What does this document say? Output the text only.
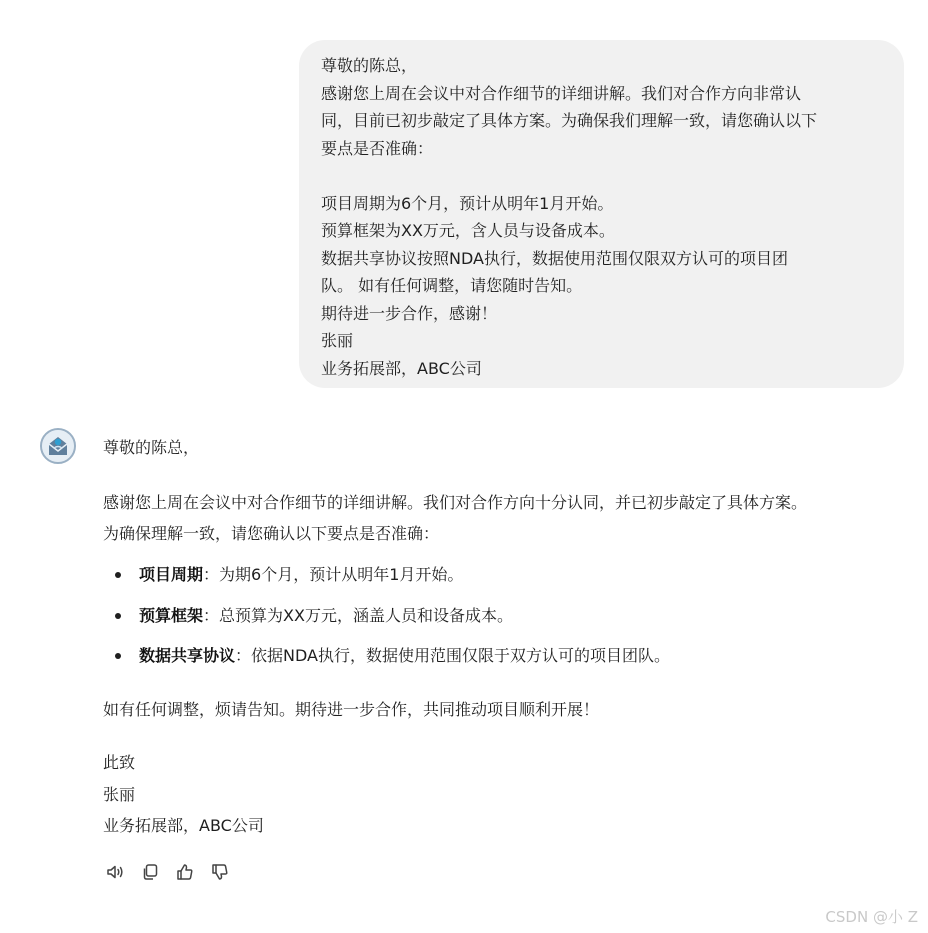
尊敬的陈总，
感谢您上周在会议中对合作细节的详细讲解。我们对合作方向非常认
同，目前已初步敲定了具体方案。为确保我们理解一致，请您确认以下
要点是否准确：
项目周期为6个月，预计从明年1月开始。
预算框架为XX万元，含人员与设备成本。
数据共享协议按照NDA执行，数据使用范围仅限双方认可的项目团
队。 如有任何调整，请您随时告知。
期待进一步合作，感谢！
张丽
业务拓展部，ABC公司
尊敬的陈总，
感谢您上周在会议中对合作细节的详细讲解。我们对合作方向十分认同，并已初步敲定了具体方案。
为确保理解一致，请您确认以下要点是否准确：
项目周期：为期6个月，预计从明年1月开始。
预算框架：总预算为XX万元，涵盖人员和设备成本。
数据共享协议：依据NDA执行，数据使用范围仅限于双方认可的项目团队。
如有任何调整，烦请告知。期待进一步合作，共同推动项目顺利开展！
此致
张丽
业务拓展部，ABC公司
CSDN @小 Z
